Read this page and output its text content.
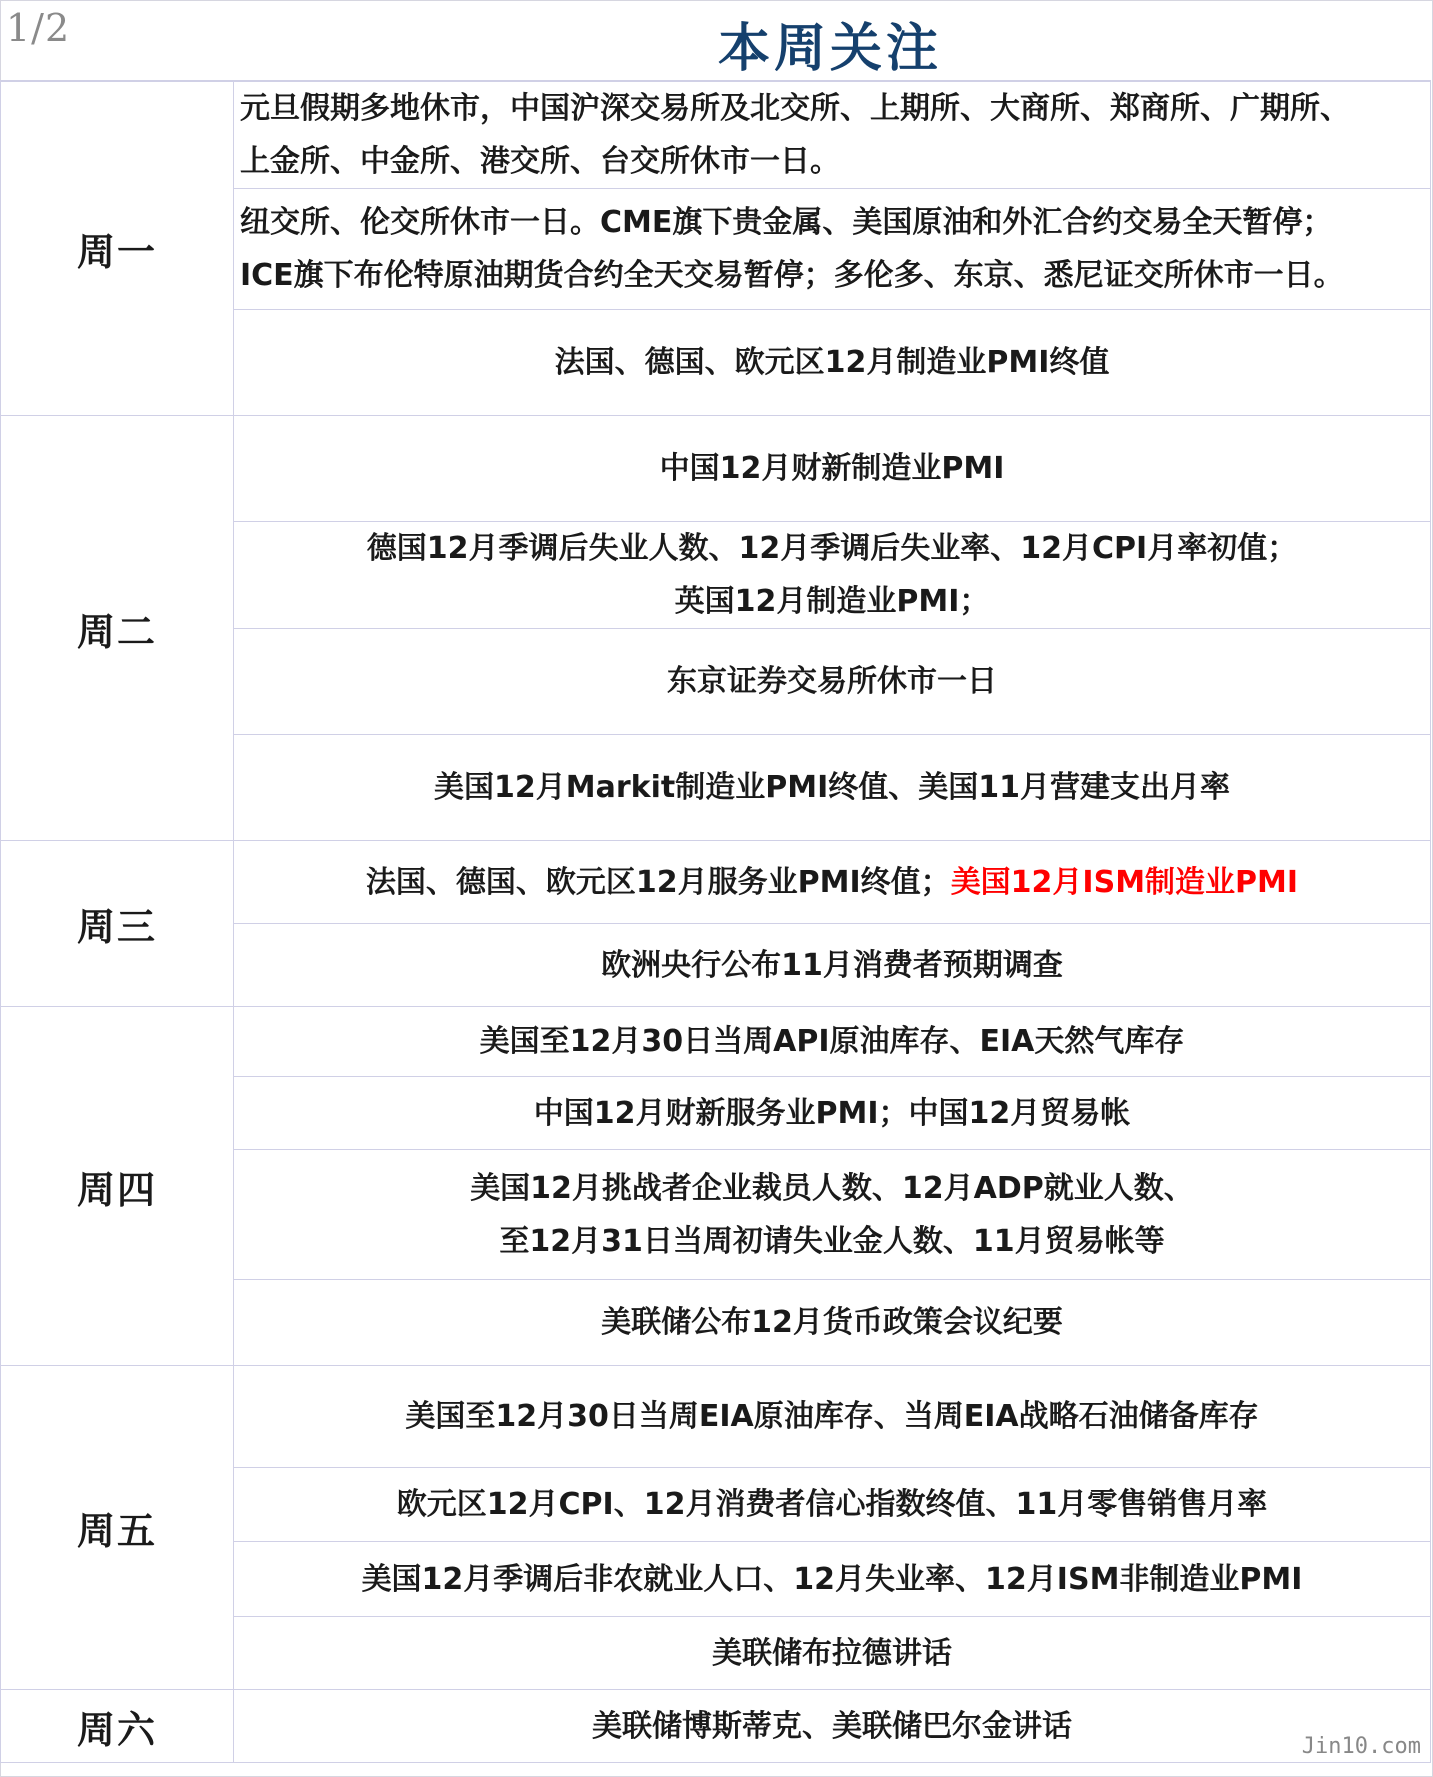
1/2	本周关注
周一	元旦假期多地休市，中国沪深交易所及北交所、上期所、大商所、郑商所、广期所、
上金所、中金所、港交所、台交所休市一日。

	纽交所、伦交所休市一日。CME旗下贵金属、美国原油和外汇合约交易全天暂停；
ICE旗下布伦特原油期货合约全天交易暂停；多伦多、东京、悉尼证交所休市一日。

	法国、德国、欧元区12月制造业PMI终值

周二	中国12月财新制造业PMI

	德国12月季调后失业人数、12月季调后失业率、12月CPI月率初值；
英国12月制造业PMI；

	东京证券交易所休市一日

	美国12月Markit制造业PMI终值、美国11月营建支出月率

周三	法国、德国、欧元区12月服务业PMI终值；美国12月ISM制造业PMI

	欧洲央行公布11月消费者预期调查

周四	美国至12月30日当周API原油库存、EIA天然气库存

	中国12月财新服务业PMI；中国12月贸易帐

	美国12月挑战者企业裁员人数、12月ADP就业人数、
至12月31日当周初请失业金人数、11月贸易帐等

	美联储公布12月货币政策会议纪要

周五	美国至12月30日当周EIA原油库存、当周EIA战略石油储备库存

	欧元区12月CPI、12月消费者信心指数终值、11月零售销售月率

	美国12月季调后非农就业人口、12月失业率、12月ISM非制造业PMI

	美联储布拉德讲话

周六	美联储博斯蒂克、美联储巴尔金讲话
Jin10.com
